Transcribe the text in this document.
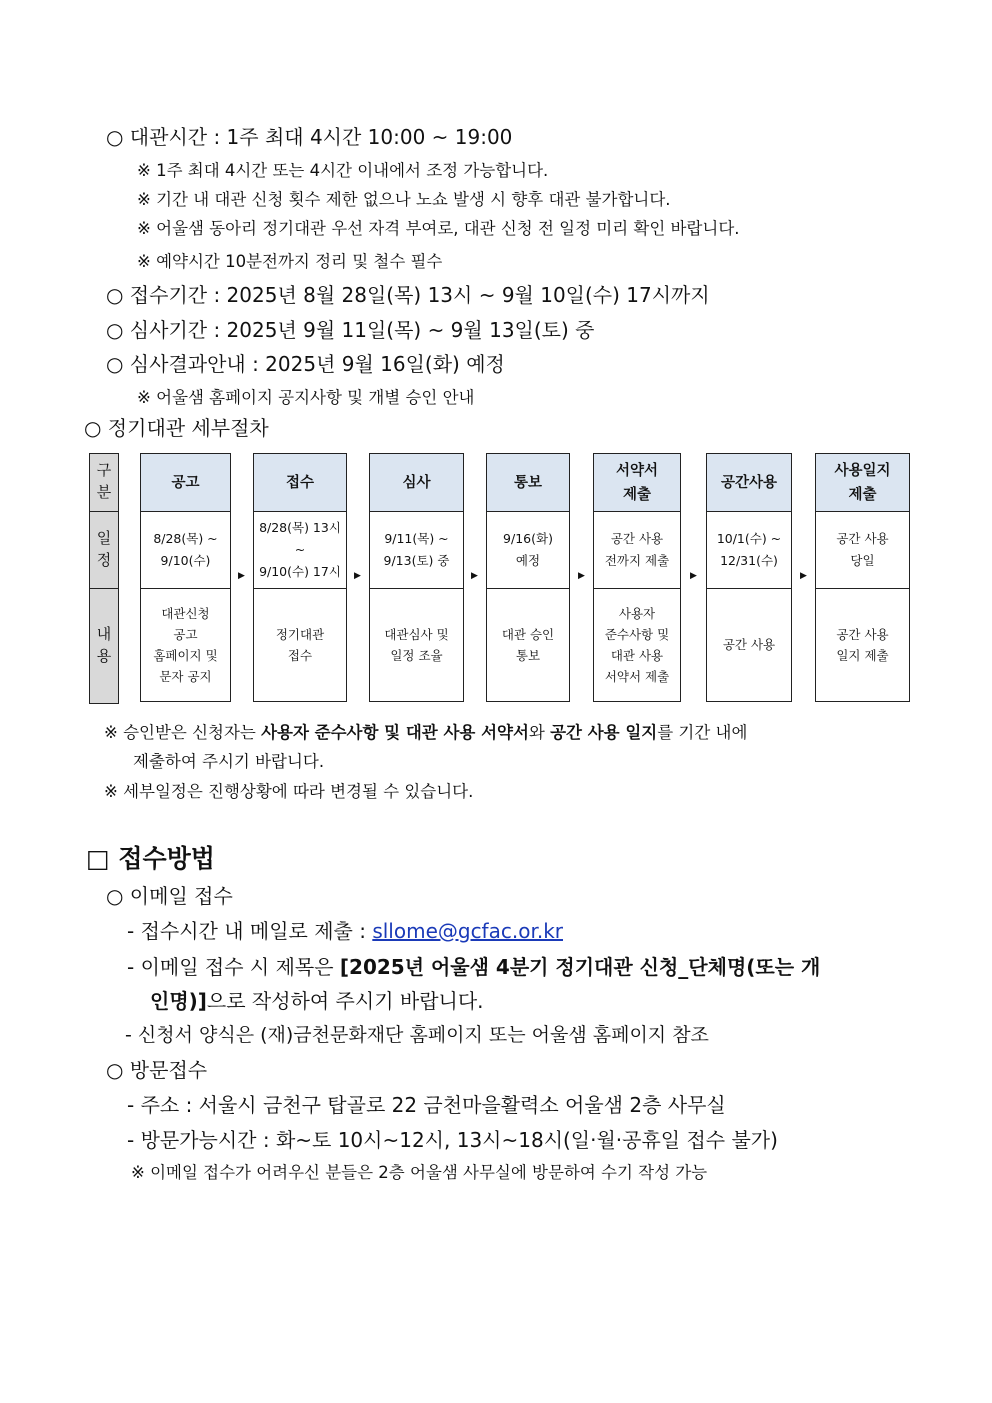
○ 대관시간 : 1주 최대 4시간 10:00 ~ 19:00
※ 1주 최대 4시간 또는 4시간 이내에서 조정 가능합니다.
※ 기간 내 대관 신청 횟수 제한 없으나 노쇼 발생 시 향후 대관 불가합니다.
※ 어울샘 동아리 정기대관 우선 자격 부여로, 대관 신청 전 일정 미리 확인 바랍니다.
※ 예약시간 10분전까지 정리 및 철수 필수
○ 접수기간 : 2025년 8월 28일(목) 13시 ~ 9월 10일(수) 17시까지
○ 심사기간 : 2025년 9월 11일(목) ~ 9월 13일(토) 중
○ 심사결과안내 : 2025년 9월 16일(화) 예정
※ 어울샘 홈페이지 공지사항 및 개별 승인 안내
○ 정기대관 세부절차
구
분
일
정
내
용
공고
8/28(목) ~
9/10(수)
대관신청
공고
홈페이지 및
문자 공지
▶
접수
8/28(목) 13시
~
9/10(수) 17시
정기대관
접수
▶
심사
9/11(목) ~
9/13(토) 중
대관심사 및
일정 조율
▶
통보
9/16(화)
예정
대관 승인
통보
▶
서약서
제출
공간 사용
전까지 제출
사용자
준수사항 및
대관 사용
서약서 제출
▶
공간사용
10/1(수) ~
12/31(수)
공간 사용
▶
사용일지
제출
공간 사용
당일
공간 사용
일지 제출
※ 승인받은 신청자는 사용자 준수사항 및 대관 사용 서약서와 공간 사용 일지를 기간 내에
제출하여 주시기 바랍니다.
※ 세부일정은 진행상황에 따라 변경될 수 있습니다.
□ 접수방법
○ 이메일 접수
- 접수시간 내 메일로 제출 : sllome@gcfac.or.kr
- 이메일 접수 시 제목은 [2025년 어울샘 4분기 정기대관 신청_단체명(또는 개
인명)]으로 작성하여 주시기 바랍니다.
- 신청서 양식은 (재)금천문화재단 홈페이지 또는 어울샘 홈페이지 참조
○ 방문접수
- 주소 : 서울시 금천구 탑골로 22 금천마을활력소 어울샘 2층 사무실
- 방문가능시간 : 화~토 10시~12시, 13시~18시(일·월·공휴일 접수 불가)
※ 이메일 접수가 어려우신 분들은 2층 어울샘 사무실에 방문하여 수기 작성 가능
